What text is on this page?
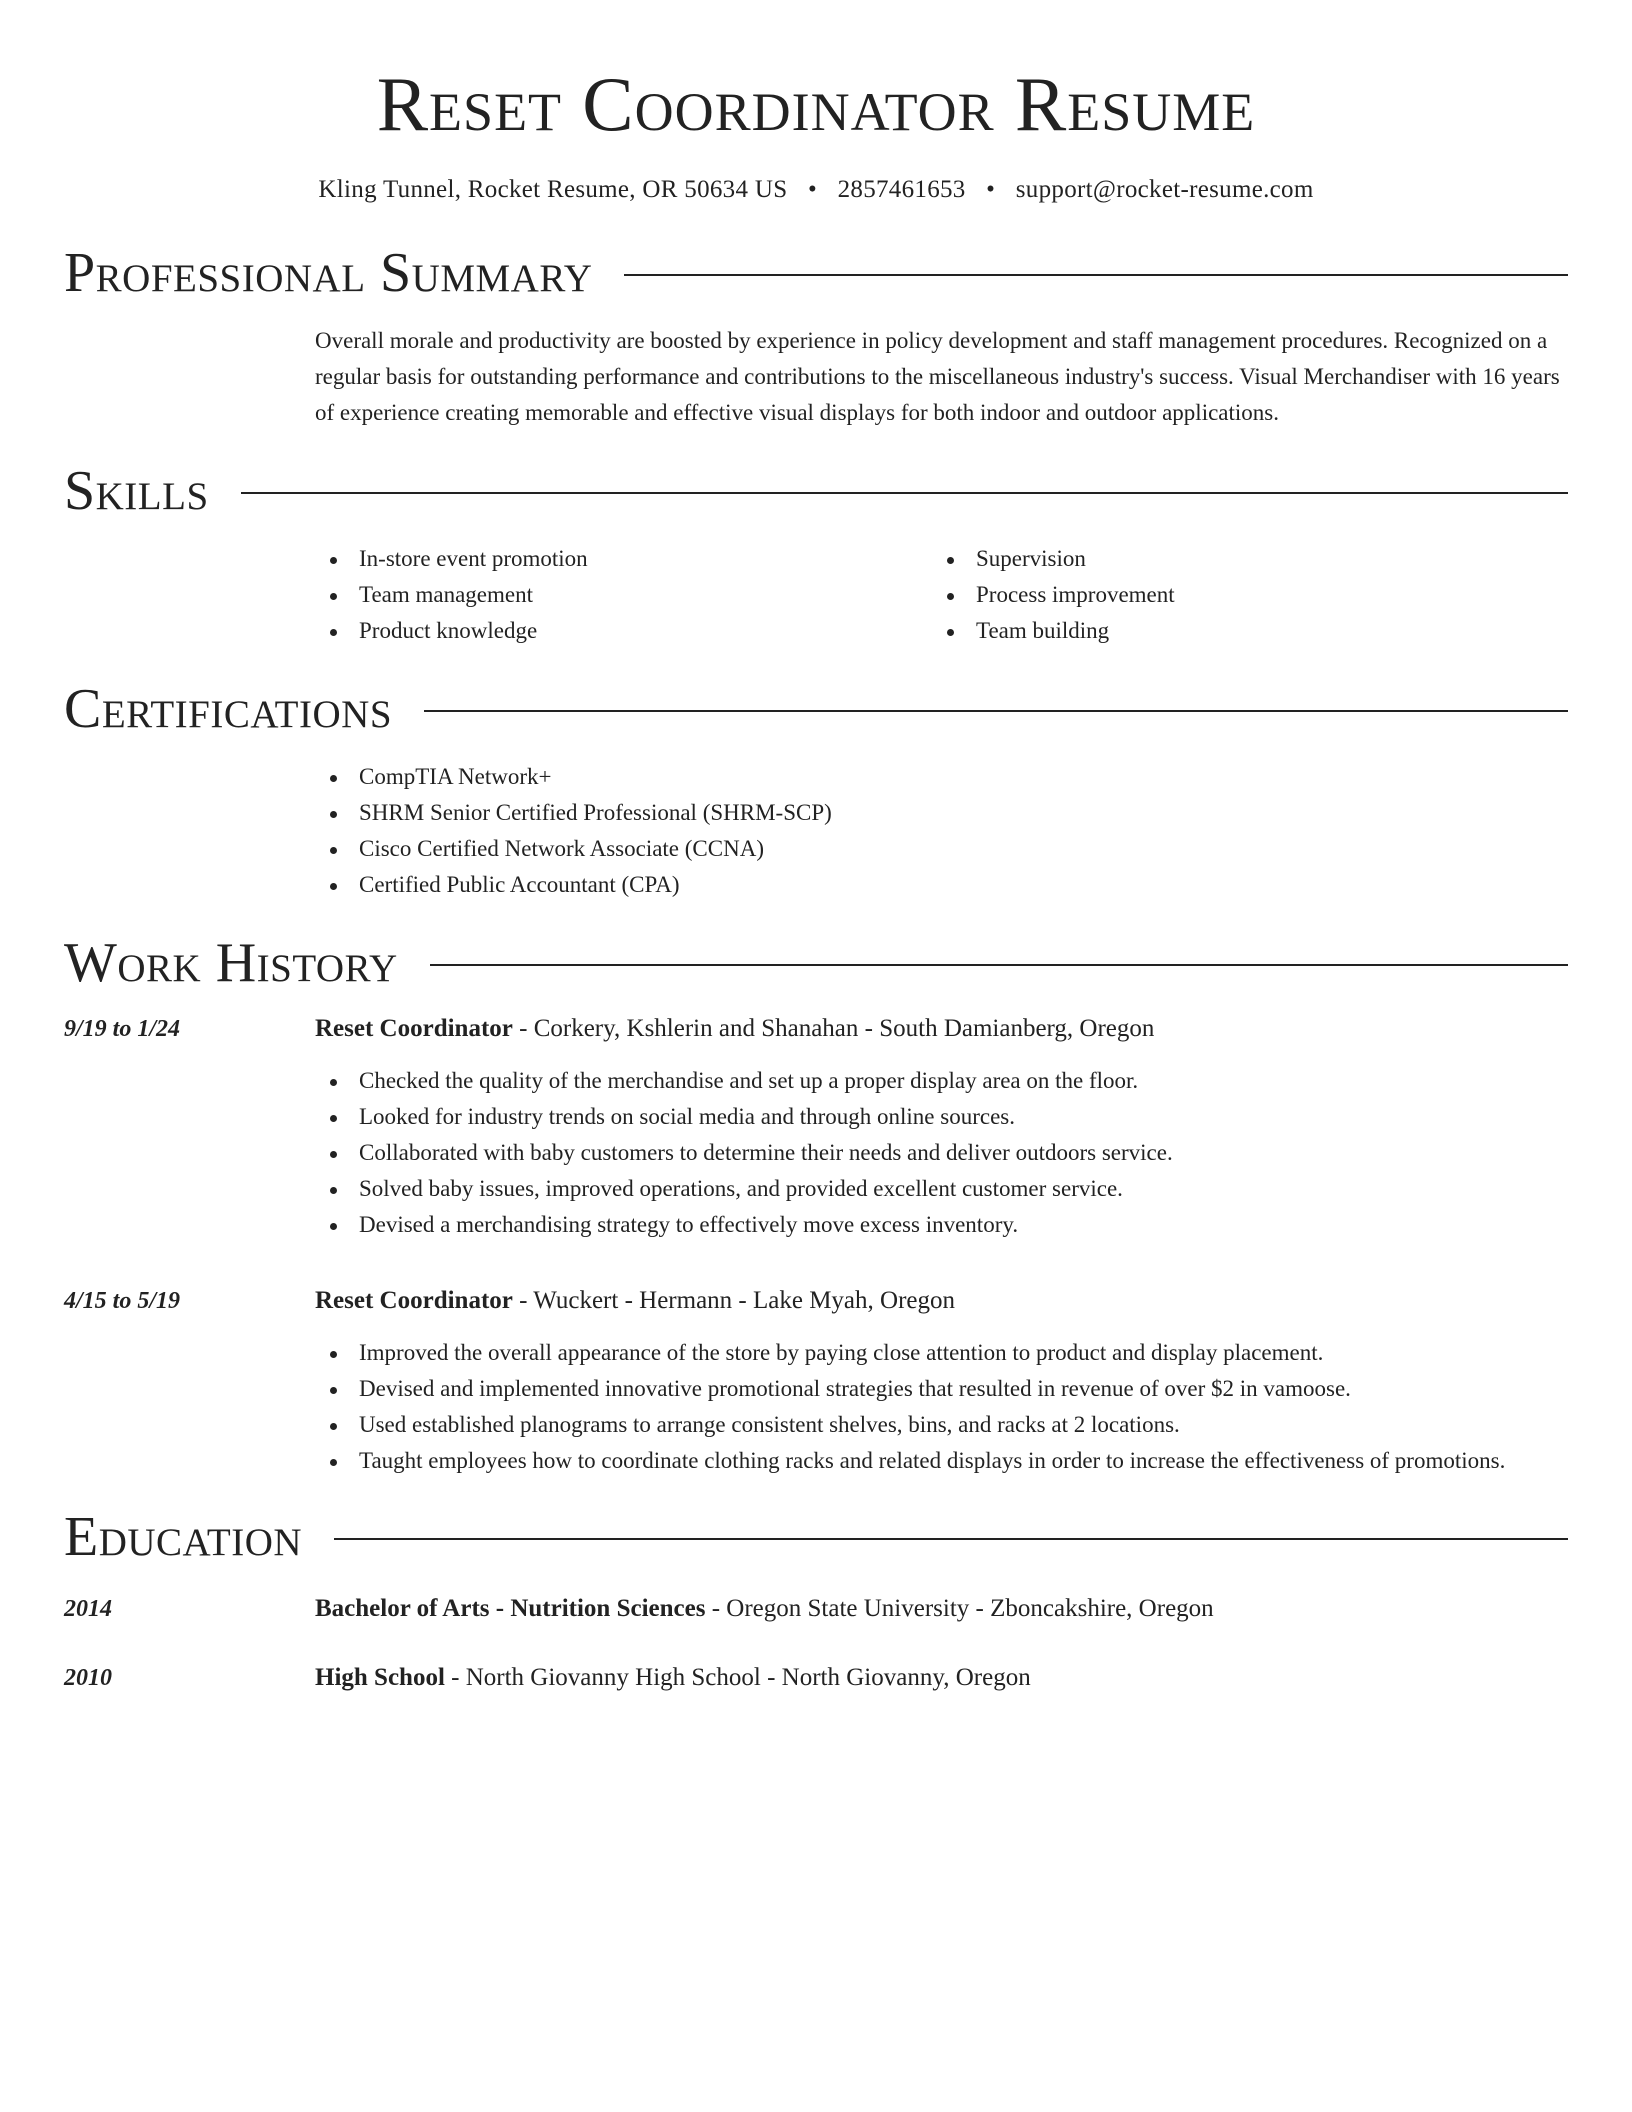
Reset Coordinator Resume
Kling Tunnel, Rocket Resume, OR 50634 US • 2857461653 • support@rocket-resume.com
Professional Summary
Overall morale and productivity are boosted by experience in policy development and staff management procedures. Recognized on a regular basis for outstanding performance and contributions to the miscellaneous industry's success. Visual Merchandiser with 16 years of experience creating memorable and effective visual displays for both indoor and outdoor applications.
Skills
In-store event promotion
Team management
Product knowledge
Supervision
Process improvement
Team building
Certifications
CompTIA Network+
SHRM Senior Certified Professional (SHRM-SCP)
Cisco Certified Network Associate (CCNA)
Certified Public Accountant (CPA)
Work History
9/19 to 1/24	Reset Coordinator - Corkery, Kshlerin and Shanahan - South Damianberg, Oregon
Checked the quality of the merchandise and set up a proper display area on the floor.
Looked for industry trends on social media and through online sources.
Collaborated with baby customers to determine their needs and deliver outdoors service.
Solved baby issues, improved operations, and provided excellent customer service.
Devised a merchandising strategy to effectively move excess inventory.
4/15 to 5/19	Reset Coordinator - Wuckert - Hermann - Lake Myah, Oregon
Improved the overall appearance of the store by paying close attention to product and display placement.
Devised and implemented innovative promotional strategies that resulted in revenue of over $2 in vamoose.
Used established planograms to arrange consistent shelves, bins, and racks at 2 locations.
Taught employees how to coordinate clothing racks and related displays in order to increase the effectiveness of promotions.
Education
2014	Bachelor of Arts - Nutrition Sciences - Oregon State University - Zboncakshire, Oregon
2010	High School - North Giovanny High School - North Giovanny, Oregon
